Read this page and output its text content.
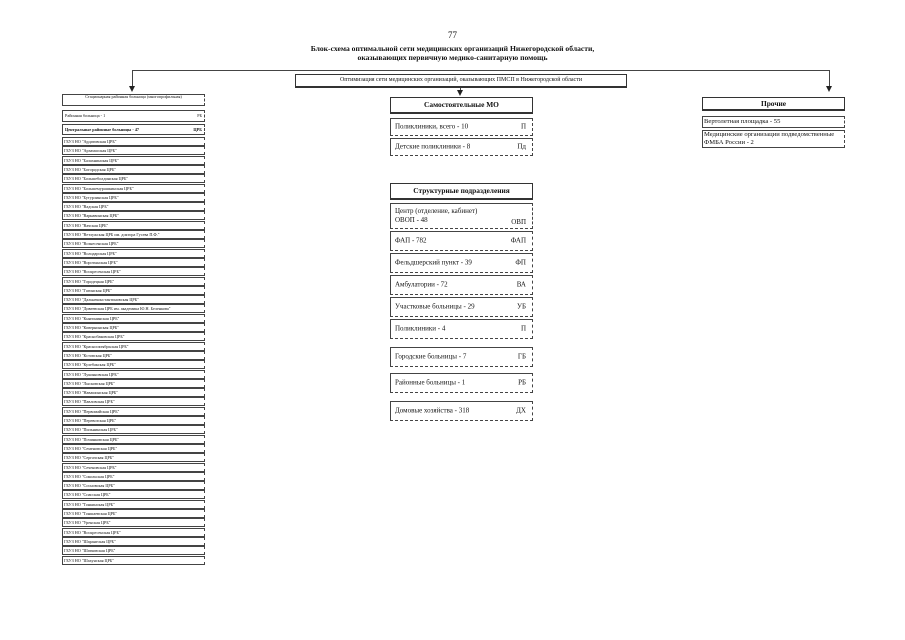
77
Блок-схема оптимальной сети медицинских организаций Нижегородской области,
оказывающих первичную медико-санитарную помощь
Оптимизация сети медицинских организаций, оказывающих ПМСП в Нижегородской области
Стационарная районная больница (многопрофильная)
Районная больница - 1	РБ
Центральные районные больницы - 47	ЦРБ
ГБУЗ НО "Ардатовская ЦРБ"
ГБУЗ НО "Арзамасская ЦРБ"
ГБУЗ НО "Балахнинская ЦРБ"
ГБУЗ НО "Богородская ЦРБ"
ГБУЗ НО "Большеболдинская ЦРБ"
ГБУЗ НО "Большемурашкинская ЦРБ"
ГБУЗ НО "Бутурлинская ЦРБ"
ГБУЗ НО "Вадская ЦРБ"
ГБУЗ НО "Варнавинская ЦРБ"
ГБУЗ НО "Вачская ЦРБ"
ГБУЗ НО "Ветлужская ЦРБ им. доктора Гусева П.Ф."
ГБУЗ НО "Вознесенская ЦРБ"
ГБУЗ НО "Володарская ЦРБ"
ГБУЗ НО "Воротынская ЦРБ"
ГБУЗ НО "Воскресенская ЦРБ"
ГБУЗ НО "Городецкая ЦРБ"
ГБУЗ НО "Гагинская ЦРБ"
ГБУЗ НО "Дальнеконстантиновская ЦРБ"
ГБУЗ НО "Дивеевская ЦРБ им. академика Ю.Н. Беленкова"
ГБУЗ НО "Княгининская ЦРБ"
ГБУЗ НО "Ковернинская ЦРБ"
ГБУЗ НО "Краснобаковская ЦРБ"
ГБУЗ НО "Краснооктябрьская ЦРБ"
ГБУЗ НО "Кстовская ЦРБ"
ГБУЗ НО "Кулебакская ЦРБ"
ГБУЗ НО "Лукояновская ЦРБ"
ГБУЗ НО "Лысковская ЦРБ"
ГБУЗ НО "Навашинская ЦРБ"
ГБУЗ НО "Павловская ЦРБ"
ГБУЗ НО "Первомайская ЦРБ"
ГБУЗ НО "Перевозская ЦРБ"
ГБУЗ НО "Пильнинская ЦРБ"
ГБУЗ НО "Починковская ЦРБ"
ГБУЗ НО "Семеновская ЦРБ"
ГБУЗ НО "Сергачская ЦРБ"
ГБУЗ НО "Сеченовская ЦРБ"
ГБУЗ НО "Сокольская ЦРБ"
ГБУЗ НО "Сосновская ЦРБ"
ГБУЗ НО "Спасская ЦРБ"
ГБУЗ НО "Тонкинская ЦРБ"
ГБУЗ НО "Тоншаевская ЦРБ"
ГБУЗ НО "Уренская ЦРБ"
ГБУЗ НО "Воскресенская ЦРБ"
ГБУЗ НО "Шарангская ЦРБ"
ГБУЗ НО "Шатковская ЦРБ"
ГБУЗ НО "Шахунская ЦРБ"
Самостоятельные МО
Поликлиники, всего - 10	П
Детские поликлиники - 8	Пд
Структурные подразделения
Центр (отделение, кабинет) ОВОП - 48	ОВП
ФАП - 782	ФАП
Фельдшерский пункт - 39	ФП
Амбулатории - 72	ВА
Участковые больницы - 29	УБ
Поликлиники - 4	П
Городские больницы - 7	ГБ
Районные больницы - 1	РБ
Домовые хозяйства - 318	ДХ
Прочие
Вертолетная площадка - 55
Медицинские организации подведомственные ФМБА России - 2
